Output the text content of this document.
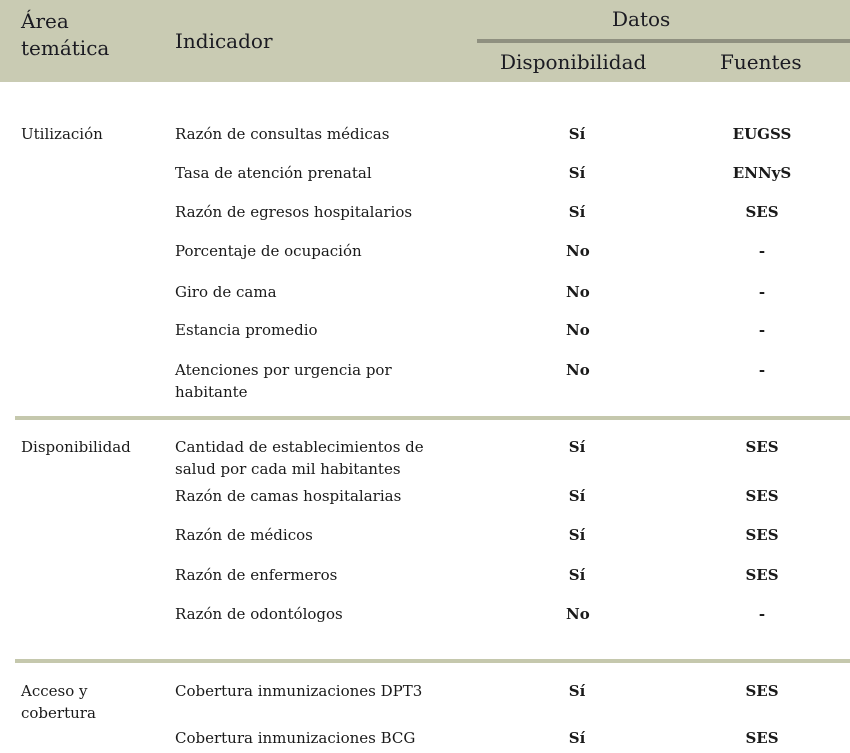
Área
temática	Indicador
Datos
Disponibilidad	Fuentes
Utilización	Razón de consultas médicas	Sí	EUGSS
Tasa de atención prenatal	Sí	ENNyS
Razón de egresos hospitalarios	Sí	SES
Porcentaje de ocupación	No	-
Giro de cama	No	-
Estancia promedio	No	-
Atenciones por urgencia por
habitante
No	-
Disponibilidad	Cantidad de establecimientos de
salud por cada mil habitantes
Sí	SES
Razón de camas hospitalarias	Sí	SES
Razón de médicos	Sí	SES
Razón de enfermeros	Sí	SES
Razón de odontólogos	No	-
Acceso y
cobertura
Cobertura inmunizaciones DPT3	Sí	SES
Cobertura inmunizaciones BCG	Sí	SES
